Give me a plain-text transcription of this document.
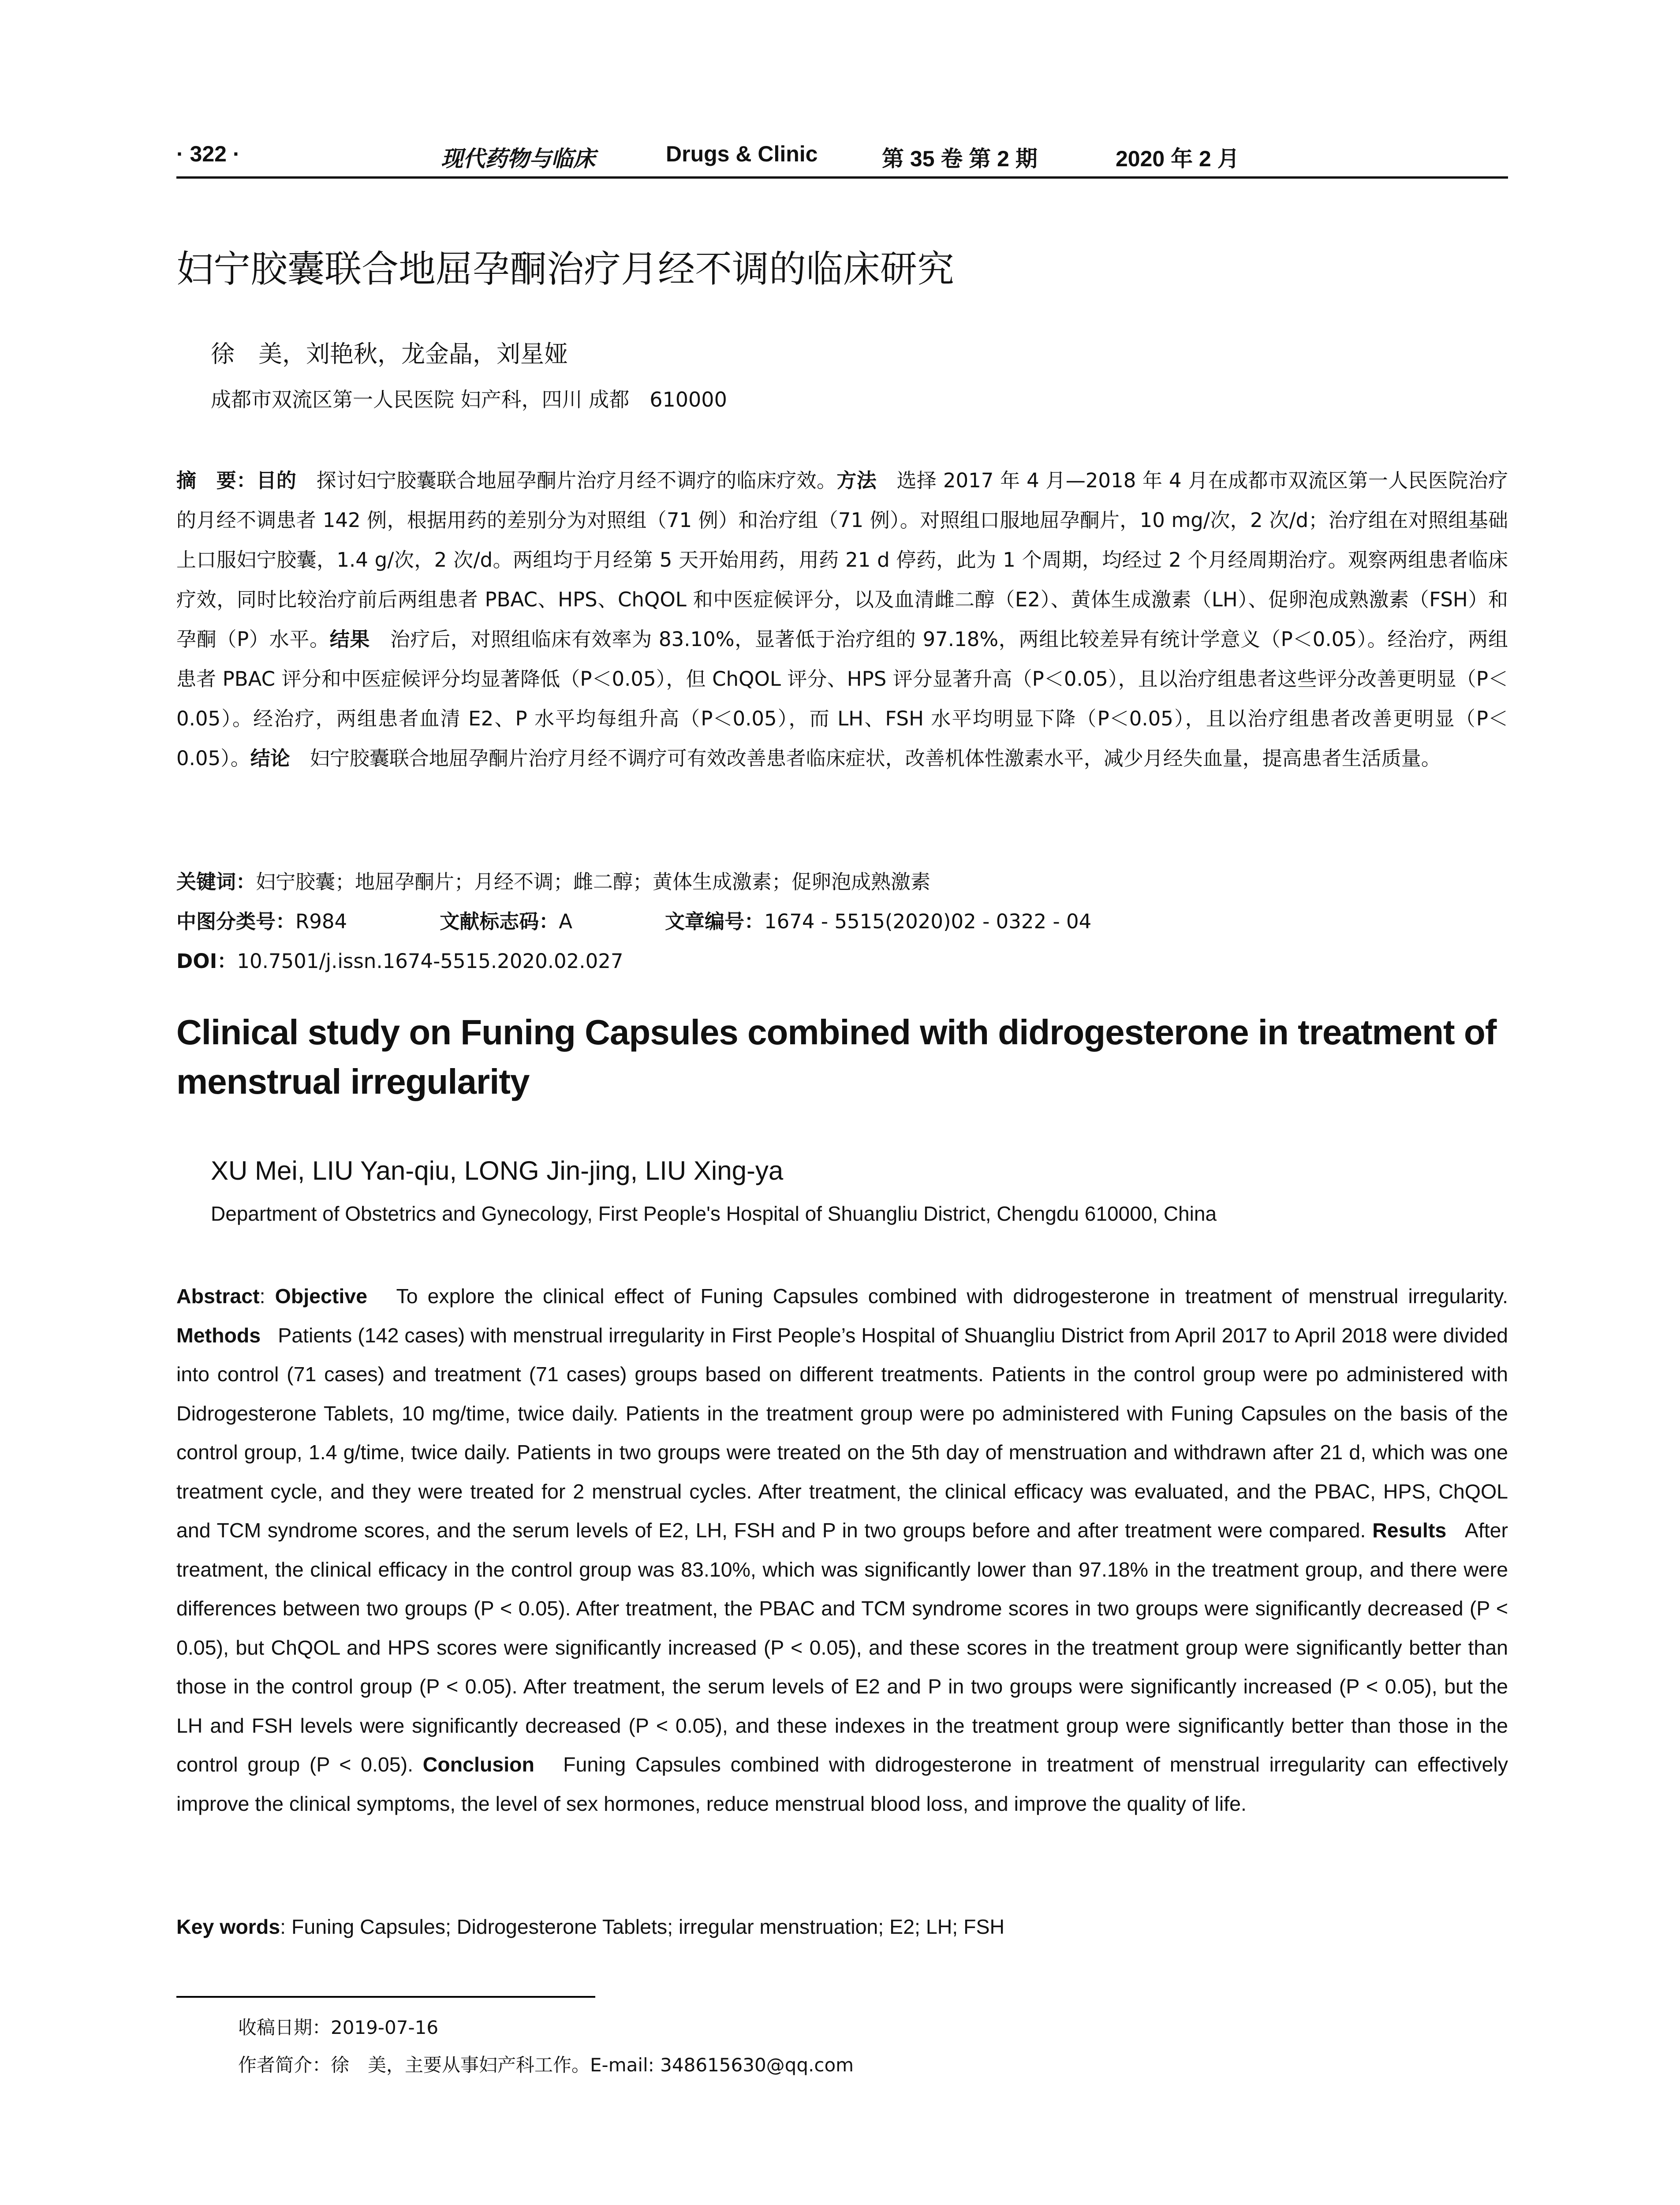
· 322 ·	现代药物与临床	Drugs & Clinic	第 35 卷 第 2 期	2020 年 2 月
妇宁胶囊联合地屈孕酮治疗月经不调的临床研究
徐　美，刘艳秋，龙金晶，刘星娅
成都市双流区第一人民医院 妇产科，四川 成都　610000
摘　要：目的　探讨妇宁胶囊联合地屈孕酮片治疗月经不调疗的临床疗效。方法　选择 2017 年 4 月—2018 年 4 月在成都市双流区第一人民医院治疗的月经不调患者 142 例，根据用药的差别分为对照组（71 例）和治疗组（71 例）。对照组口服地屈孕酮片，10 mg/次，2 次/d；治疗组在对照组基础上口服妇宁胶囊，1.4 g/次，2 次/d。两组均于月经第 5 天开始用药，用药 21 d 停药，此为 1 个周期，均经过 2 个月经周期治疗。观察两组患者临床疗效，同时比较治疗前后两组患者 PBAC、HPS、ChQOL 和中医症候评分，以及血清雌二醇（E2）、黄体生成激素（LH）、促卵泡成熟激素（FSH）和孕酮（P）水平。结果　治疗后，对照组临床有效率为 83.10%，显著低于治疗组的 97.18%，两组比较差异有统计学意义（P＜0.05）。经治疗，两组患者 PBAC 评分和中医症候评分均显著降低（P＜0.05），但 ChQOL 评分、HPS 评分显著升高（P＜0.05），且以治疗组患者这些评分改善更明显（P＜0.05）。经治疗，两组患者血清 E2、P 水平均每组升高（P＜0.05），而 LH、FSH 水平均明显下降（P＜0.05），且以治疗组患者改善更明显（P＜0.05）。结论　妇宁胶囊联合地屈孕酮片治疗月经不调疗可有效改善患者临床症状，改善机体性激素水平，减少月经失血量，提高患者生活质量。
关键词：妇宁胶囊；地屈孕酮片；月经不调；雌二醇；黄体生成激素；促卵泡成熟激素
中图分类号：R984	文献标志码：A	文章编号：1674 - 5515(2020)02 - 0322 - 04
DOI：10.7501/j.issn.1674-5515.2020.02.027
Clinical study on Funing Capsules combined with didrogesterone in treatment of menstrual irregularity
XU Mei, LIU Yan-qiu, LONG Jin-jing, LIU Xing-ya
Department of Obstetrics and Gynecology, First People's Hospital of Shuangliu District, Chengdu 610000, China
Abstract: Objective To explore the clinical effect of Funing Capsules combined with didrogesterone in treatment of menstrual irregularity. Methods Patients (142 cases) with menstrual irregularity in First People’s Hospital of Shuangliu District from April 2017 to April 2018 were divided into control (71 cases) and treatment (71 cases) groups based on different treatments. Patients in the control group were po administered with Didrogesterone Tablets, 10 mg/time, twice daily. Patients in the treatment group were po administered with Funing Capsules on the basis of the control group, 1.4 g/time, twice daily. Patients in two groups were treated on the 5th day of menstruation and withdrawn after 21 d, which was one treatment cycle, and they were treated for 2 menstrual cycles. After treatment, the clinical efficacy was evaluated, and the PBAC, HPS, ChQOL and TCM syndrome scores, and the serum levels of E2, LH, FSH and P in two groups before and after treatment were compared. Results After treatment, the clinical efficacy in the control group was 83.10%, which was significantly lower than 97.18% in the treatment group, and there were differences between two groups (P < 0.05). After treatment, the PBAC and TCM syndrome scores in two groups were significantly decreased (P < 0.05), but ChQOL and HPS scores were significantly increased (P < 0.05), and these scores in the treatment group were significantly better than those in the control group (P < 0.05). After treatment, the serum levels of E2 and P in two groups were significantly increased (P < 0.05), but the LH and FSH levels were significantly decreased (P < 0.05), and these indexes in the treatment group were significantly better than those in the control group (P < 0.05). Conclusion Funing Capsules combined with didrogesterone in treatment of menstrual irregularity can effectively improve the clinical symptoms, the level of sex hormones, reduce menstrual blood loss, and improve the quality of life.
Key words: Funing Capsules; Didrogesterone Tablets; irregular menstruation; E2; LH; FSH
收稿日期：2019-07-16
作者简介：徐　美，主要从事妇产科工作。E-mail: 348615630@qq.com
